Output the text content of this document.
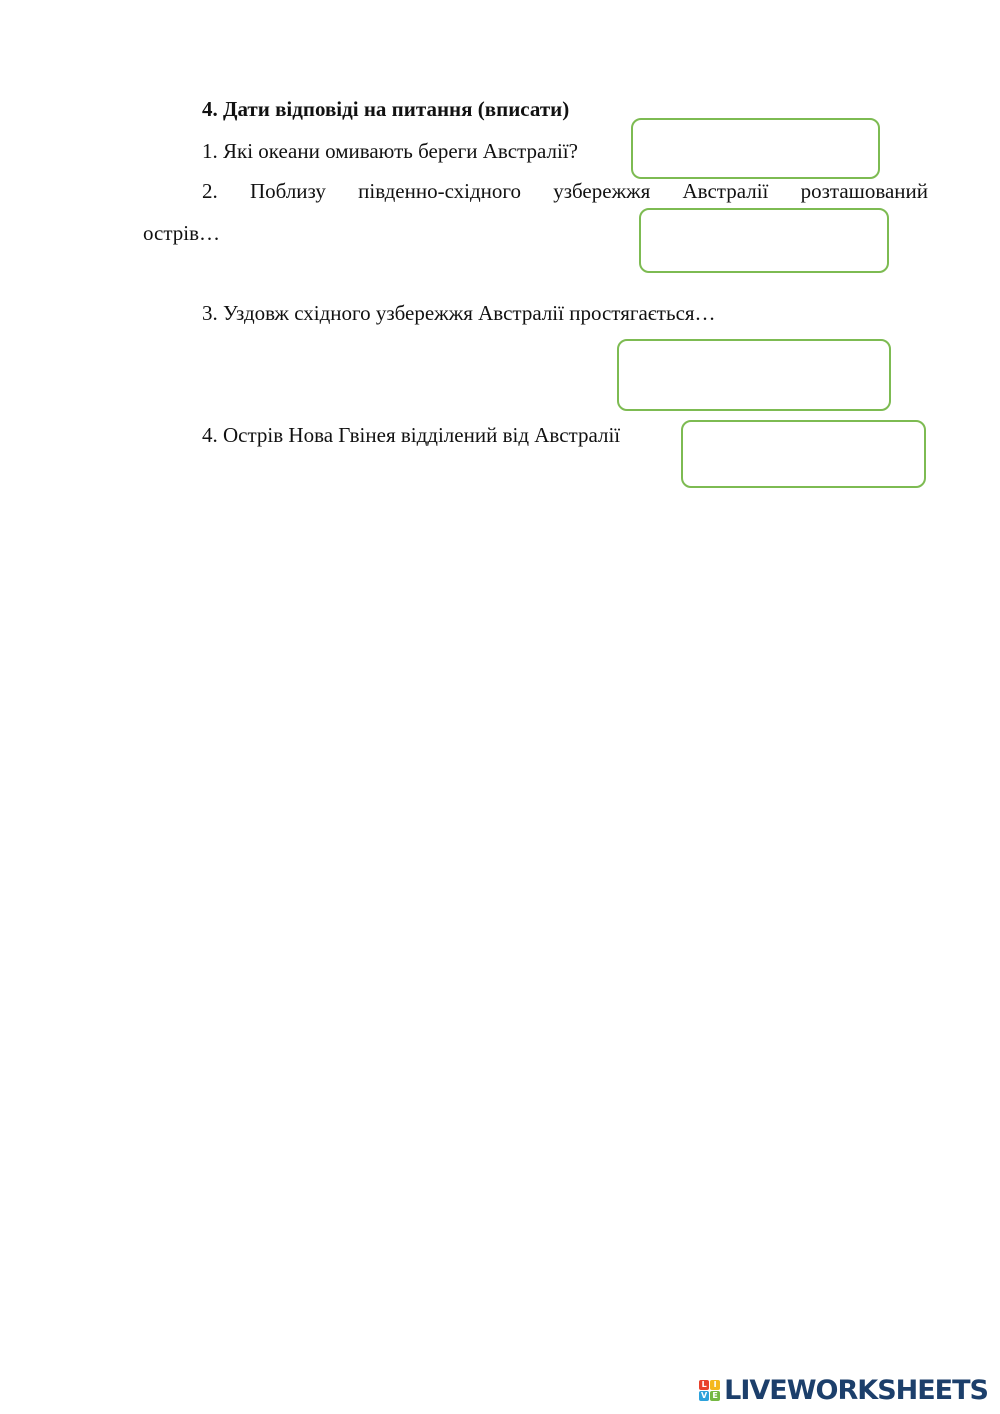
4. Дати відповіді на питання (вписати)
1. Які океани омивають береги Австралії?
2. Поблизу південно-східного узбережжя Австралії розташований
острів…
3. Уздовж східного узбережжя Австралії простягається…
4. Острів Нова Гвінея відділений від Австралії
L I
V E LIVEWORKSHEETS
